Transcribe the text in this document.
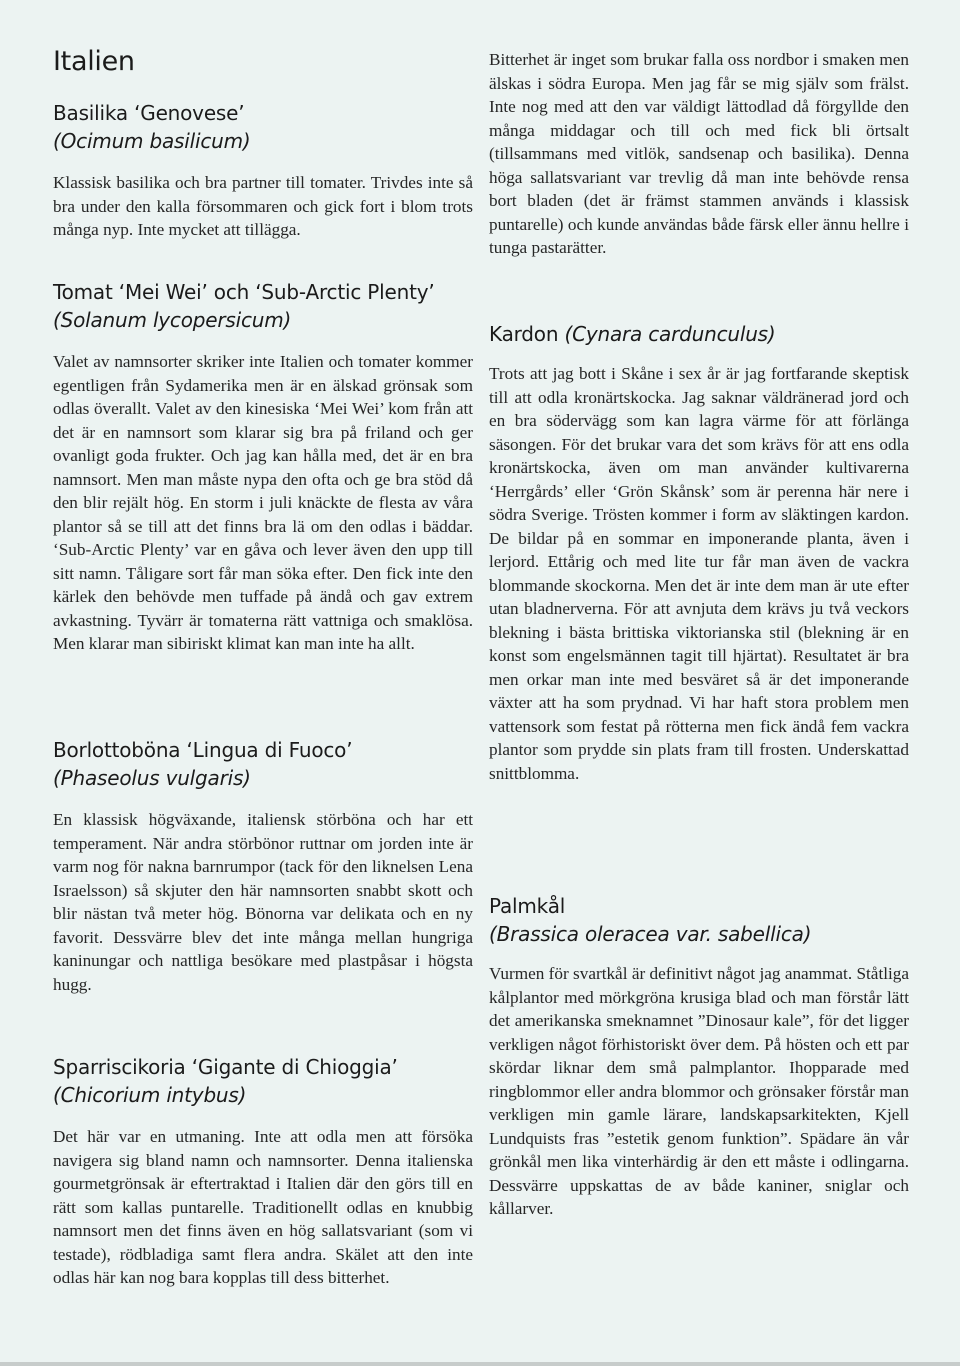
Italien
Basilika ‘Genovese’
(Ocimum basilicum)

Klassisk basilika och bra partner till tomater. Trivdes inte så bra under den kalla försommaren och gick fort i blom trots många nyp. Inte mycket att tillägga.

Tomat ‘Mei Wei’ och ‘Sub-Arctic Plenty’ (Solanum lycopersicum)

Valet av namnsorter skriker inte Italien och tomater kommer egentligen från Sydamerika men är en älskad grönsak som odlas överallt. Valet av den kinesiska ‘Mei Wei’ kom från att det är en namnsort som klarar sig bra på friland och ger ovanligt goda frukter. Och jag kan hålla med, det är en bra namnsort. Men man måste nypa den ofta och ge bra stöd då den blir rejält hög. En storm i juli knäckte de flesta av våra plantor så se till att det finns bra lä om den odlas i bäddar. ‘Sub-Arctic Plenty’ var en gåva och lever även den upp till sitt namn. Tåligare sort får man söka efter. Den fick inte den kärlek den behövde men tuffade på ändå och gav extrem avkastning. Tyvärr är tomaterna rätt vattniga och smaklösa. Men klarar man sibiriskt klimat kan man inte ha allt.

Borlottoböna ‘Lingua di Fuoco’
(Phaseolus vulgaris)

En klassisk högväxande, italiensk störböna och har ett temperament. När andra störbönor ruttnar om jorden inte är varm nog för nakna barnrumpor (tack för den liknelsen Lena Israelsson) så skjuter den här namnsorten snabbt skott och blir nästan två meter hög. Bönorna var delikata och en ny favorit. Dessvärre blev det inte många mellan hungriga kaninungar och nattliga besökare med plastpåsar i högsta hugg.

Sparriscikoria ‘Gigante di Chioggia’
(Chicorium intybus)

Det här var en utmaning. Inte att odla men att försöka navigera sig bland namn och namnsorter. Denna italienska gourmetgrönsak är eftertraktad i Italien där den görs till en rätt som kallas puntarelle. Traditionellt odlas en knubbig namnsort men det finns även en hög sallatsvariant (som vi testade), rödbladiga samt flera andra. Skälet att den inte odlas här kan nog bara kopplas till dess bitterhet.

Bitterhet är inget som brukar falla oss nordbor i smaken men älskas i södra Europa. Men jag får se mig själv som frälst. Inte nog med att den var väldigt lättodlad då förgyllde den många middagar och till och med fick bli örtsalt (tillsammans med vitlök, sandsenap och basilika). Denna höga sallatsvariant var trevlig då man inte behövde rensa bort bladen (det är främst stammen används i klassisk puntarelle) och kunde användas både färsk eller ännu hellre i tunga pastarätter.

Kardon (Cynara cardunculus)

Trots att jag bott i Skåne i sex år är jag fortfarande skeptisk till att odla kronärtskocka. Jag saknar väldränerad jord och en bra södervägg som kan lagra värme för att förlänga säsongen. För det brukar vara det som krävs för att ens odla kronärtskocka, även om man använder kultivarerna ‘Herrgårds’ eller ‘Grön Skånsk’ som är perenna här nere i södra Sverige. Trösten kommer i form av släktingen kardon. De bildar på en sommar en imponerande planta, även i lerjord. Ettårig och med lite tur får man även de vackra blommande skockorna. Men det är inte dem man är ute efter utan bladnerverna. För att avnjuta dem krävs ju två veckors blekning i bästa brittiska viktorianska stil (blekning är en konst som engelsmännen tagit till hjärtat). Resultatet är bra men orkar man inte med besväret så är det imponerande växter att ha som prydnad. Vi har haft stora problem men vattensork som festat på rötterna men fick ändå fem vackra plantor som prydde sin plats fram till frosten. Underskattad snittblomma.

Palmkål
(Brassica oleracea var. sabellica)

Vurmen för svartkål är definitivt något jag anammat. Ståtliga kålplantor med mörkgröna krusiga blad och man förstår lätt det amerikanska smeknamnet ”Dinosaur kale”, för det ligger verkligen något förhistoriskt över dem. På hösten och ett par skördar liknar dem små palmplantor. Ihopparade med ringblommor eller andra blommor och grönsaker förstår man verkligen min gamle lärare, landskapsarkitekten, Kjell Lundquists fras ”estetik genom funktion”. Spädare än vår grönkål men lika vinterhärdig är den ett måste i odlingarna. Dessvärre uppskattas de av både kaniner, sniglar och kållarver.
